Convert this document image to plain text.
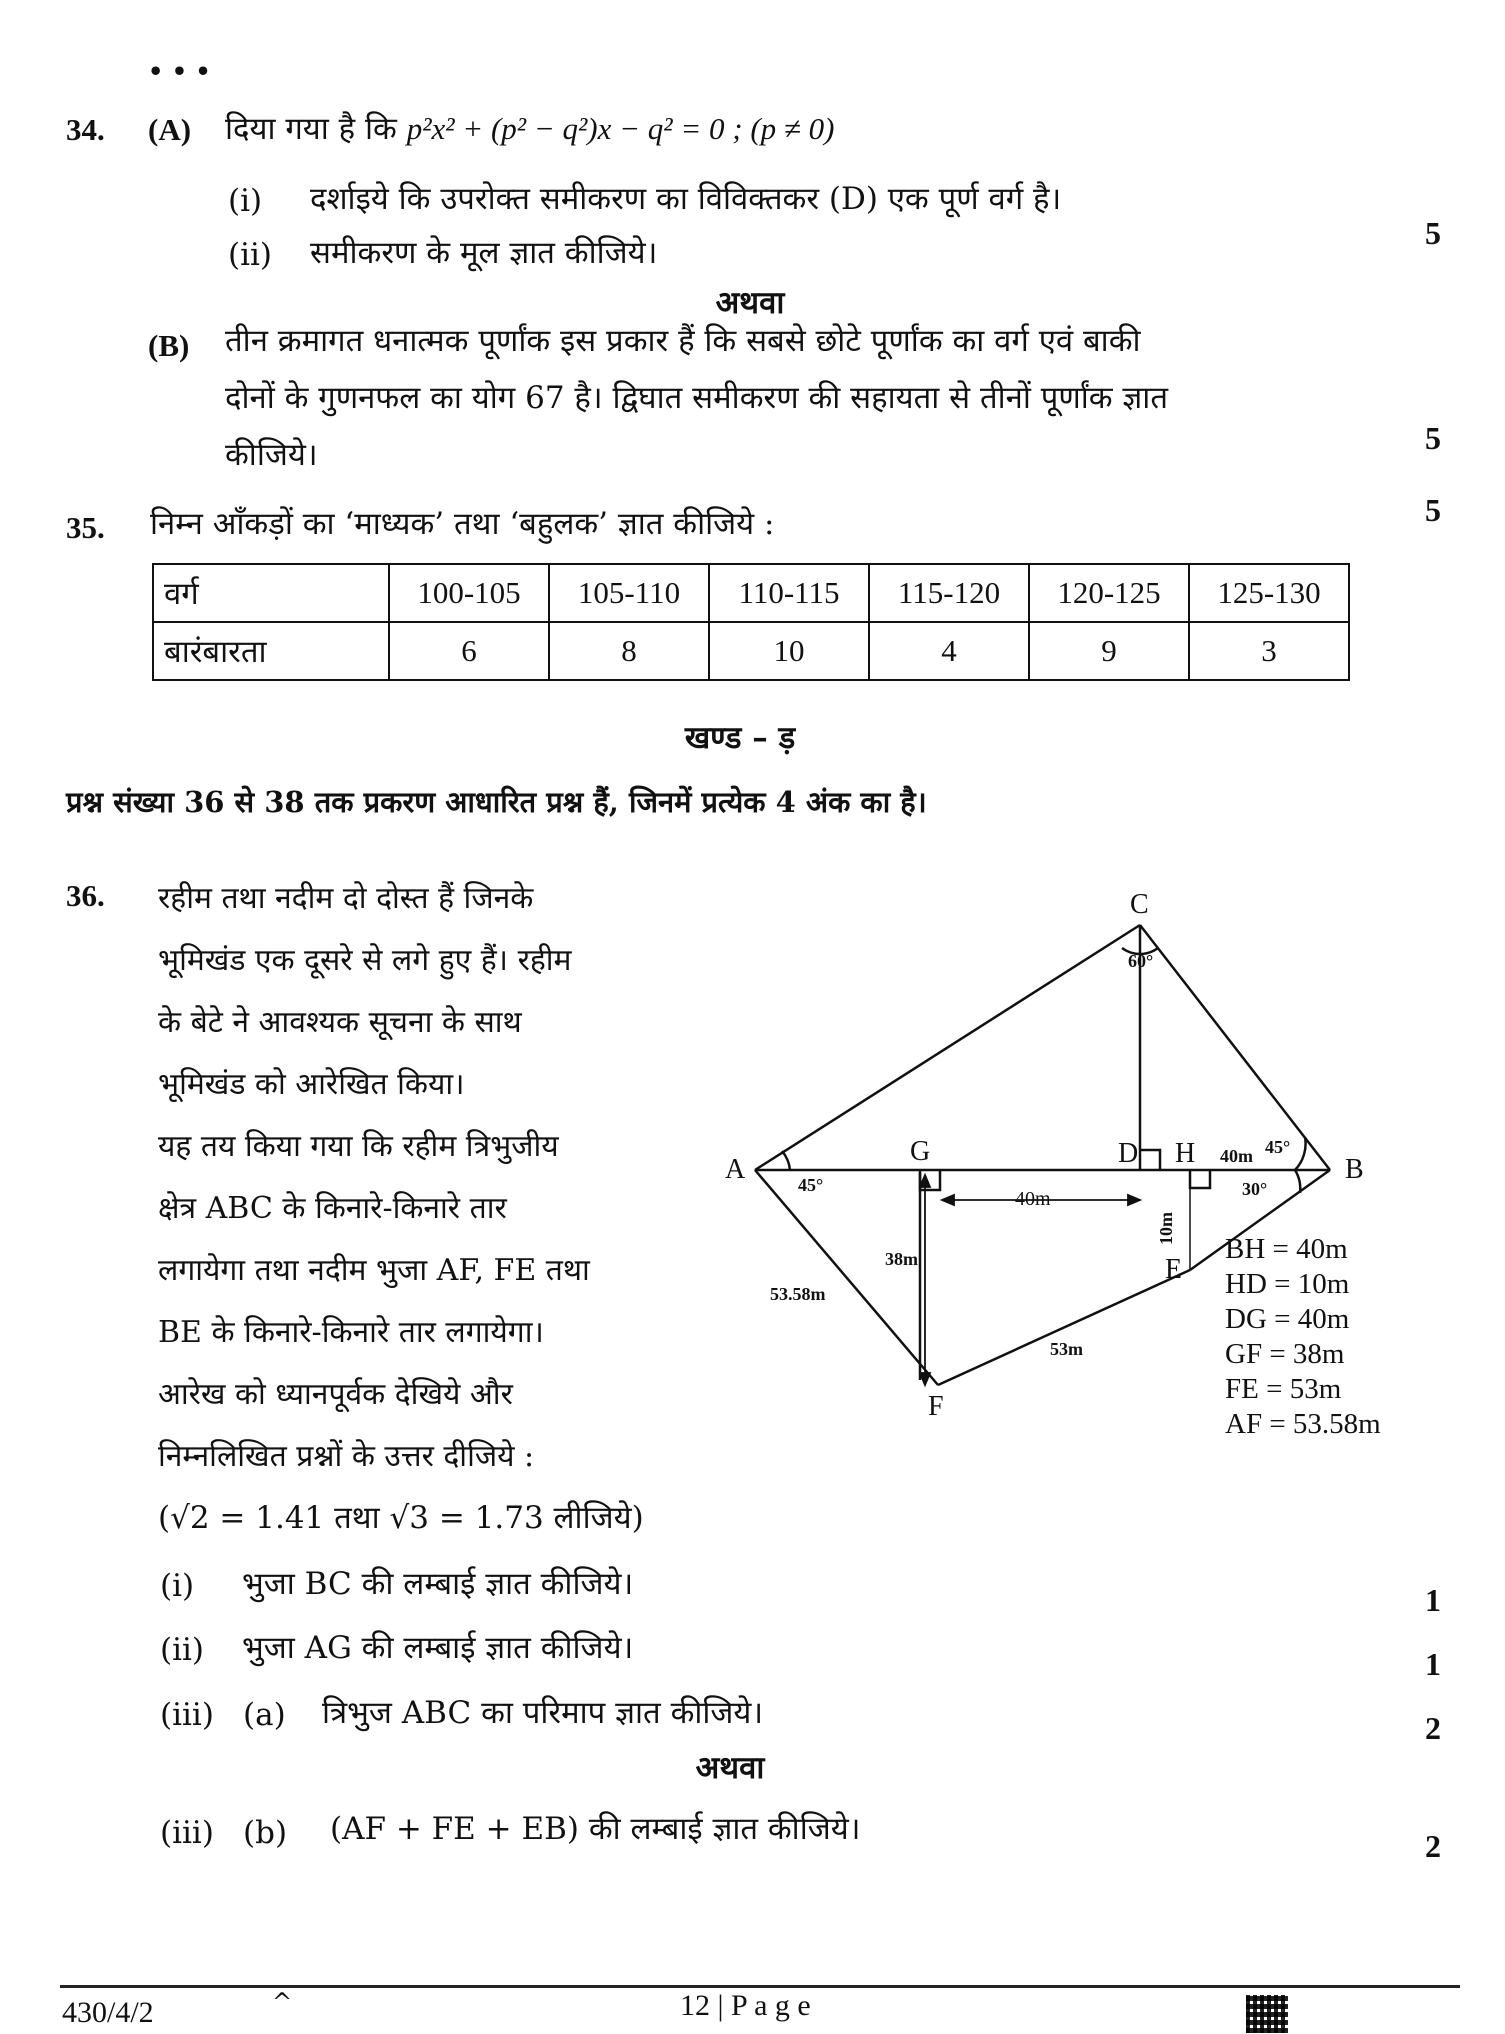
• • •
34. (A) दिया गया है कि p²x² + (p² − q²)x − q² = 0 ; (p ≠ 0)
(i) दर्शाइये कि उपरोक्त समीकरण का विविक्तकर (D) एक पूर्ण वर्ग है।
5
(ii) समीकरण के मूल ज्ञात कीजिये।
अथवा
(B) तीन क्रमागत धनात्मक पूर्णांक इस प्रकार हैं कि सबसे छोटे पूर्णांक का वर्ग एवं बाकी
दोनों के गुणनफल का योग 67 है। द्विघात समीकरण की सहायता से तीनों पूर्णांक ज्ञात
कीजिये।	5
35. निम्न आँकड़ों का ‘माध्यक’ तथा ‘बहुलक’ ज्ञात कीजिये :	5
वर्ग	100-105	105-110	110-115	115-120	120-125	125-130
बारंबारता	6	8	10	4	9	3
खण्ड – ड़
प्रश्न संख्या 36 से 38 तक प्रकरण आधारित प्रश्न हैं, जिनमें प्रत्येक 4 अंक का है।
36. रहीम तथा नदीम दो दोस्त हैं जिनके
भूमिखंड एक दूसरे से लगे हुए हैं। रहीम
के बेटे ने आवश्यक सूचना के साथ
भूमिखंड को आरेखित किया।
यह तय किया गया कि रहीम त्रिभुजीय
क्षेत्र ABC के किनारे-किनारे तार
लगायेगा तथा नदीम भुजा AF, FE तथा
BE के किनारे-किनारे तार लगायेगा।
आरेख को ध्यानपूर्वक देखिये और
निम्नलिखित प्रश्नों के उत्तर दीजिये :
(√2 = 1.41 तथा √3 = 1.73 लीजिये)
A	B
C
D
E
F
G	H
45°
60°
45°
30°
40m
40m
38m
53m
53.58m
10m
BH = 40m
HD = 10m
DG = 40m
GF = 38m
FE = 53m
AF = 53.58m
(i) भुजा BC की लम्बाई ज्ञात कीजिये।	1
(ii) भुजा AG की लम्बाई ज्ञात कीजिये।	1
(iii) (a) त्रिभुज ABC का परिमाप ज्ञात कीजिये।	2
अथवा
(iii) (b) (AF + FE + EB) की लम्बाई ज्ञात कीजिये।	2
430/4/2	^	12 | P a g e
